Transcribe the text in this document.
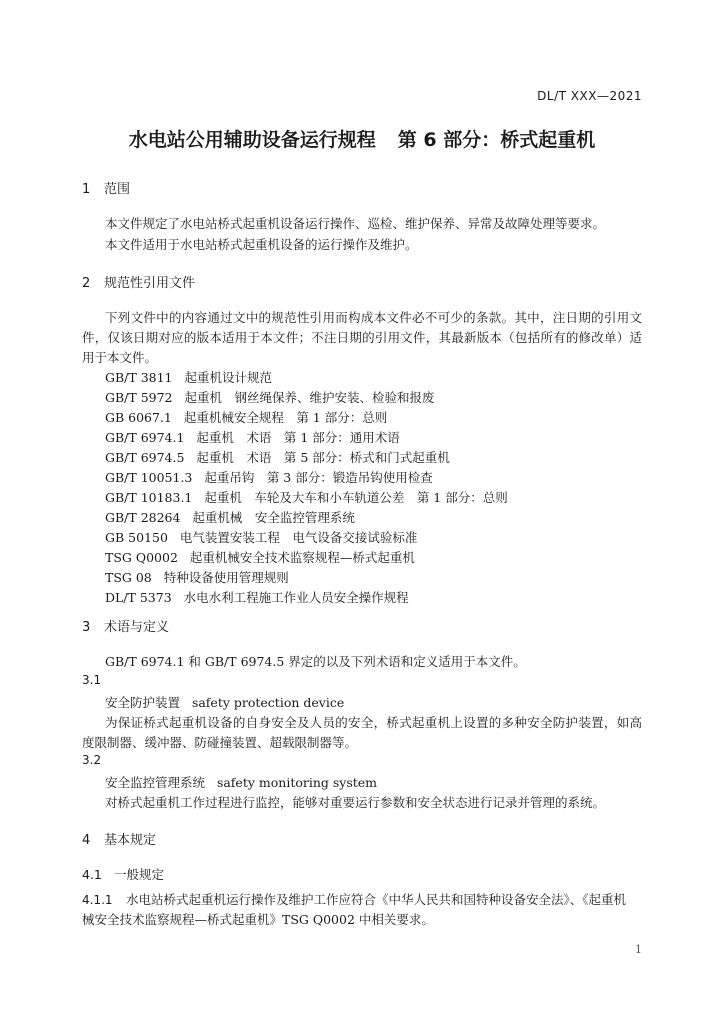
DL/T XXX—2021
水电站公用辅助设备运行规程 第 6 部分：桥式起重机
1 范围
本文件规定了水电站桥式起重机设备运行操作、巡检、维护保养、异常及故障处理等要求。
本文件适用于水电站桥式起重机设备的运行操作及维护。
2 规范性引用文件
下列文件中的内容通过文中的规范性引用而构成本文件必不可少的条款。其中，注日期的引用文
件，仅该日期对应的版本适用于本文件；不注日期的引用文件，其最新版本（包括所有的修改单）适
用于本文件。
GB/T 3811 起重机设计规范
GB/T 5972 起重机　钢丝绳保养、维护安装、检验和报废
GB 6067.1 起重机械安全规程　第 1 部分：总则
GB/T 6974.1 起重机　术语　第 1 部分：通用术语
GB/T 6974.5 起重机　术语　第 5 部分：桥式和门式起重机
GB/T 10051.3 起重吊钩　第 3 部分：锻造吊钩使用检查
GB/T 10183.1 起重机　车轮及大车和小车轨道公差　第 1 部分：总则
GB/T 28264 起重机械　安全监控管理系统
GB 50150 电气装置安装工程　电气设备交接试验标准
TSG Q0002 起重机械安全技术监察规程—桥式起重机
TSG 08 特种设备使用管理规则
DL/T 5373 水电水利工程施工作业人员安全操作规程
3 术语与定义
GB/T 6974.1 和 GB/T 6974.5 界定的以及下列术语和定义适用于本文件。
3.1
安全防护装置 safety protection device
为保证桥式起重机设备的自身安全及人员的安全，桥式起重机上设置的多种安全防护装置，如高
度限制器、缓冲器、防碰撞装置、超载限制器等。
3.2
安全监控管理系统 safety monitoring system
对桥式起重机工作过程进行监控，能够对重要运行参数和安全状态进行记录并管理的系统。
4 基本规定
4.1 一般规定
4.1.1 水电站桥式起重机运行操作及维护工作应符合《中华人民共和国特种设备安全法》、《起重机
械安全技术监察规程—桥式起重机》TSG Q0002 中相关要求。
1
